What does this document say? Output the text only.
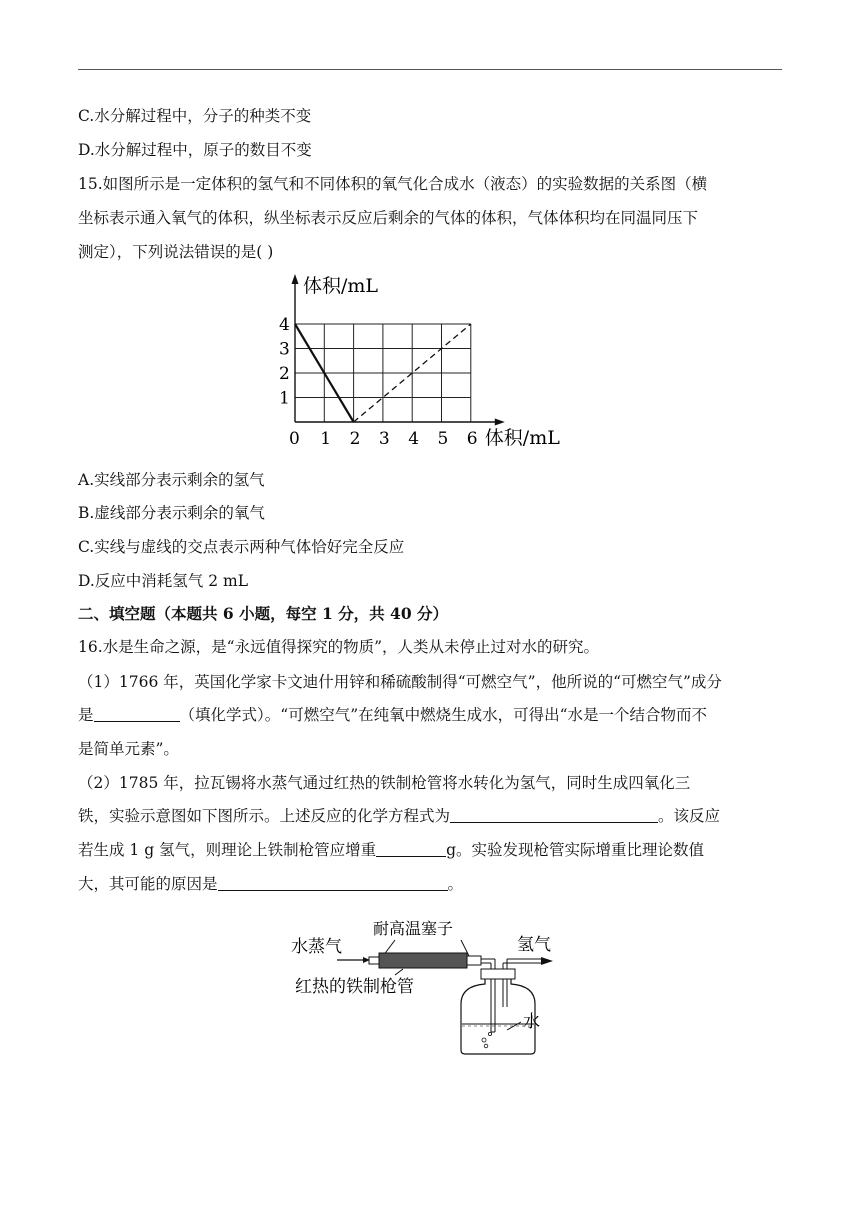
C.水分解过程中，分子的种类不变
D.水分解过程中，原子的数目不变
15.如图所示是一定体积的氢气和不同体积的氧气化合成水（液态）的实验数据的关系图（横
坐标表示通入氧气的体积，纵坐标表示反应后剩余的气体的体积，气体体积均在同温同压下
测定），下列说法错误的是( )
0 1 2 3 4 5 6
1
2
3
4
体积/mL
体积/mL
A.实线部分表示剩余的氢气
B.虚线部分表示剩余的氧气
C.实线与虚线的交点表示两种气体恰好完全反应
D.反应中消耗氢气 2 mL
二、填空题（本题共 6 小题，每空 1 分，共 40 分）
16.水是生命之源，是“永远值得探究的物质”，人类从未停止过对水的研究。
（1）1766 年，英国化学家卡文迪什用锌和稀硫酸制得“可燃空气”，他所说的“可燃空气”成分
是	（填化学式）。“可燃空气”在纯氧中燃烧生成水，可得出“水是一个结合物而不
是简单元素”。
（2）1785 年，拉瓦锡将水蒸气通过红热的铁制枪管将水转化为氢气，同时生成四氧化三
铁，实验示意图如下图所示。上述反应的化学方程式为	。该反应
若生成 1 g 氢气，则理论上铁制枪管应增重	g。实验发现枪管实际增重比理论数值
大，其可能的原因是	。
水蒸气
耐高温塞子
氢气
水
红热的铁制枪管
